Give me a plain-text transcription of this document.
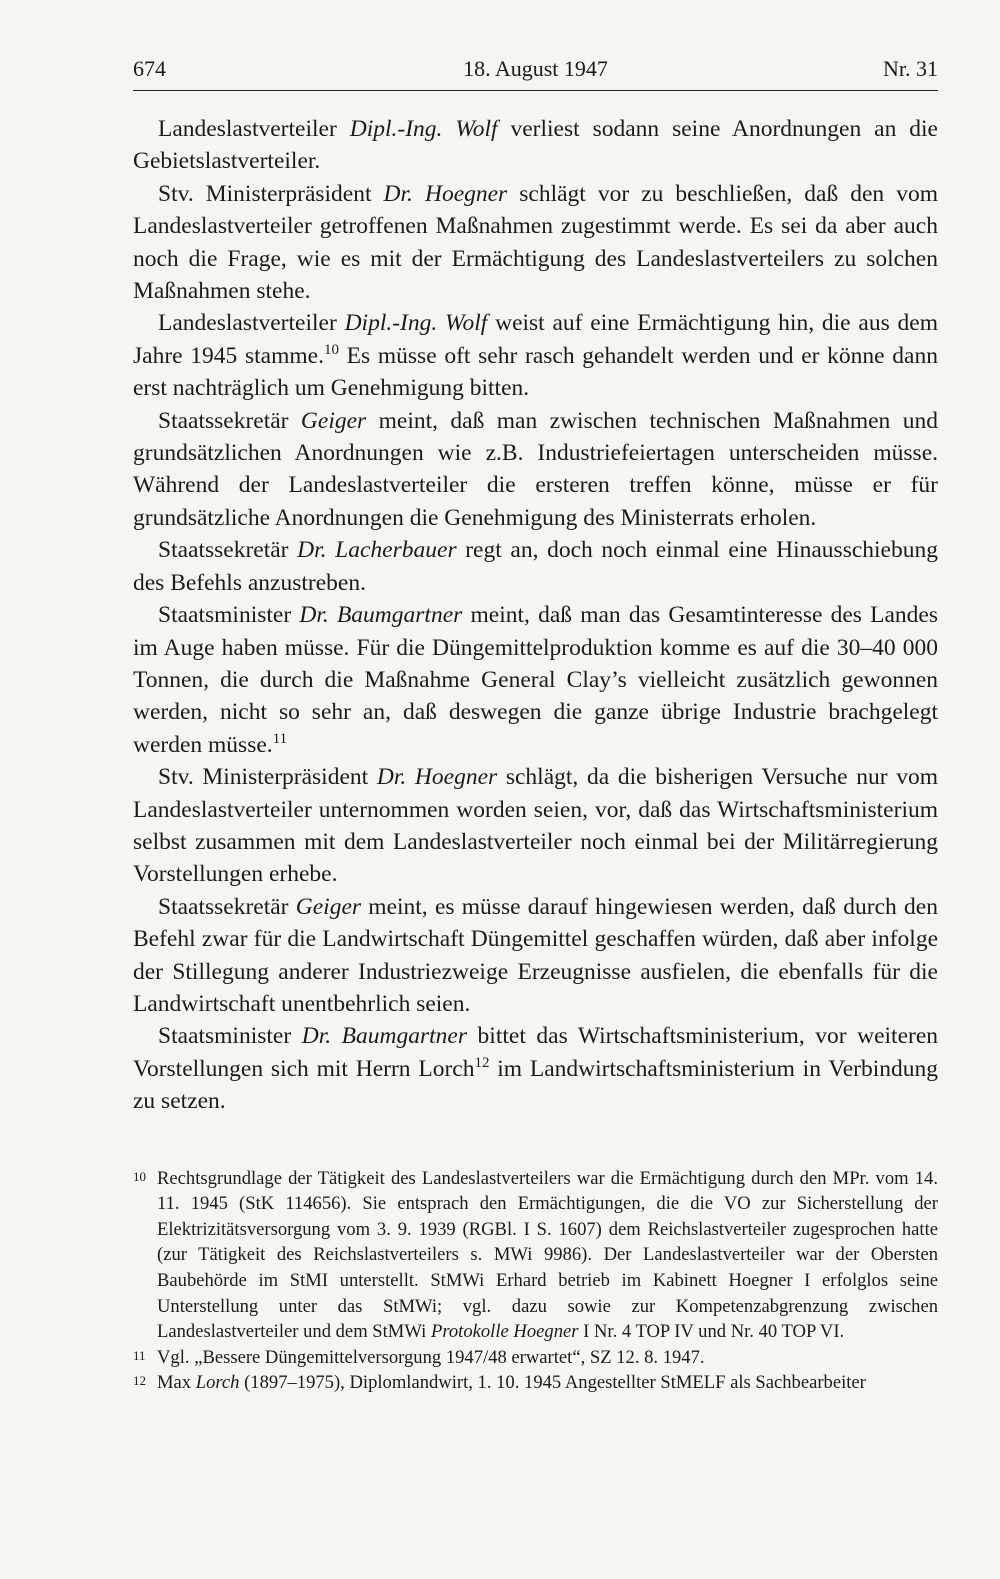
674	18. August 1947	Nr. 31

Landeslastverteiler Dipl.-Ing. Wolf verliest sodann seine Anordnungen an die Gebietslastverteiler.

Stv. Ministerpräsident Dr. Hoegner schlägt vor zu beschließen, daß den vom Landeslastverteiler getroffenen Maßnahmen zugestimmt werde. Es sei da aber auch noch die Frage, wie es mit der Ermächtigung des Landeslastverteilers zu solchen Maßnahmen stehe.

Landeslastverteiler Dipl.-Ing. Wolf weist auf eine Ermächtigung hin, die aus dem Jahre 1945 stamme.$^{10}$ Es müsse oft sehr rasch gehandelt werden und er könne dann erst nachträglich um Genehmigung bitten.

Staatssekretär Geiger meint, daß man zwischen technischen Maßnahmen und grundsätzlichen Anordnungen wie z.B. Industriefeiertagen unterscheiden müsse. Während der Landeslastverteiler die ersteren treffen könne, müsse er für grundsätzliche Anordnungen die Genehmigung des Ministerrats erholen.

Staatssekretär Dr. Lacherbauer regt an, doch noch einmal eine Hinausschiebung des Befehls anzustreben.

Staatsminister Dr. Baumgartner meint, daß man das Gesamtinteresse des Landes im Auge haben müsse. Für die Düngemittelproduktion komme es auf die 30–40 000 Tonnen, die durch die Maßnahme General Clay’s vielleicht zusätzlich gewonnen werden, nicht so sehr an, daß deswegen die ganze übrige Industrie brachgelegt werden müsse.$^{11}$

Stv. Ministerpräsident Dr. Hoegner schlägt, da die bisherigen Versuche nur vom Landeslastverteiler unternommen worden seien, vor, daß das Wirtschaftsministerium selbst zusammen mit dem Landeslastverteiler noch einmal bei der Militärregierung Vorstellungen erhebe.

Staatssekretär Geiger meint, es müsse darauf hingewiesen werden, daß durch den Befehl zwar für die Landwirtschaft Düngemittel geschaffen würden, daß aber infolge der Stillegung anderer Industriezweige Erzeugnisse ausfielen, die ebenfalls für die Landwirtschaft unentbehrlich seien.

Staatsminister Dr. Baumgartner bittet das Wirtschaftsministerium, vor weiteren Vorstellungen sich mit Herrn Lorch$^{12}$ im Landwirtschaftsministerium in Verbindung zu setzen.

10 Rechtsgrundlage der Tätigkeit des Landeslastverteilers war die Ermächtigung durch den MPr. vom 14. 11. 1945 (StK 114656). Sie entsprach den Ermächtigungen, die die VO zur Sicherstellung der Elektrizitätsversorgung vom 3. 9. 1939 (RGBl. I S. 1607) dem Reichslastverteiler zugesprochen hatte (zur Tätigkeit des Reichslastverteilers s. MWi 9986). Der Landeslastverteiler war der Obersten Baubehörde im StMI unterstellt. StMWi Erhard betrieb im Kabinett Hoegner I erfolglos seine Unterstellung unter das StMWi; vgl. dazu sowie zur Kompetenzabgrenzung zwischen Landeslastverteiler und dem StMWi Protokolle Hoegner I Nr. 4 TOP IV und Nr. 40 TOP VI.
11 Vgl. „Bessere Düngemittelversorgung 1947/48 erwartet“, SZ 12. 8. 1947.
12 Max Lorch (1897–1975), Diplomlandwirt, 1. 10. 1945 Angestellter StMELF als Sachbearbeiter
